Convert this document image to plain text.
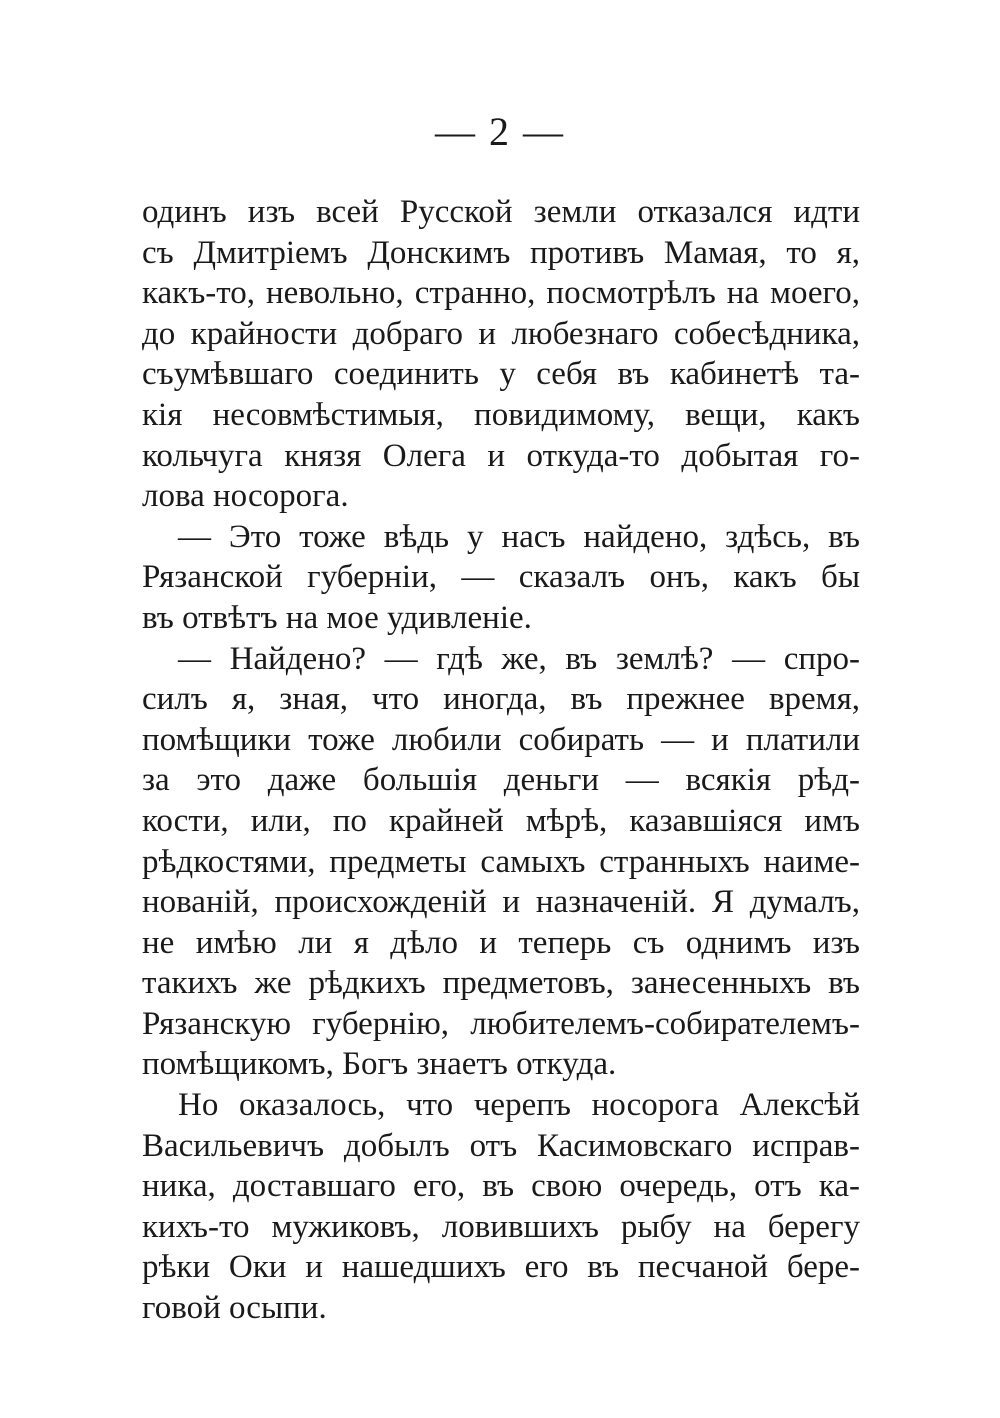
— 2 —
одинъ изъ всей Русской земли отказался идти
съ Дмитріемъ Донскимъ противъ Мамая, то я,
какъ-то, невольно, странно, посмотрѣлъ на моего,
до крайности добраго и любезнаго собесѣдника,
съумѣвшаго соединить у себя въ кабинетѣ та-
кія несовмѣстимыя, повидимому, вещи, какъ
кольчуга князя Олега и откуда-то добытая го-
лова носорога.
— Это тоже вѣдь у насъ найдено, здѣсь, въ
Рязанской губерніи, — сказалъ онъ, какъ бы
въ отвѣтъ на мое удивленіе.
— Найдено? — гдѣ же, въ землѣ? — спро-
силъ я, зная, что иногда, въ прежнее время,
помѣщики тоже любили собирать — и платили
за это даже большія деньги — всякія рѣд-
кости, или, по крайней мѣрѣ, казавшіяся имъ
рѣдкостями, предметы самыхъ странныхъ наиме-
нованій, происхожденій и назначеній. Я думалъ,
не имѣю ли я дѣло и теперь съ однимъ изъ
такихъ же рѣдкихъ предметовъ, занесенныхъ въ
Рязанскую губернію, любителемъ-собирателемъ-
помѣщикомъ, Богъ знаетъ откуда.
Но оказалось, что черепъ носорога Алексѣй
Васильевичъ добылъ отъ Касимовскаго исправ-
ника, доставшаго его, въ свою очередь, отъ ка-
кихъ-то мужиковъ, ловившихъ рыбу на берегу
рѣки Оки и нашедшихъ его въ песчаной бере-
говой осыпи.
